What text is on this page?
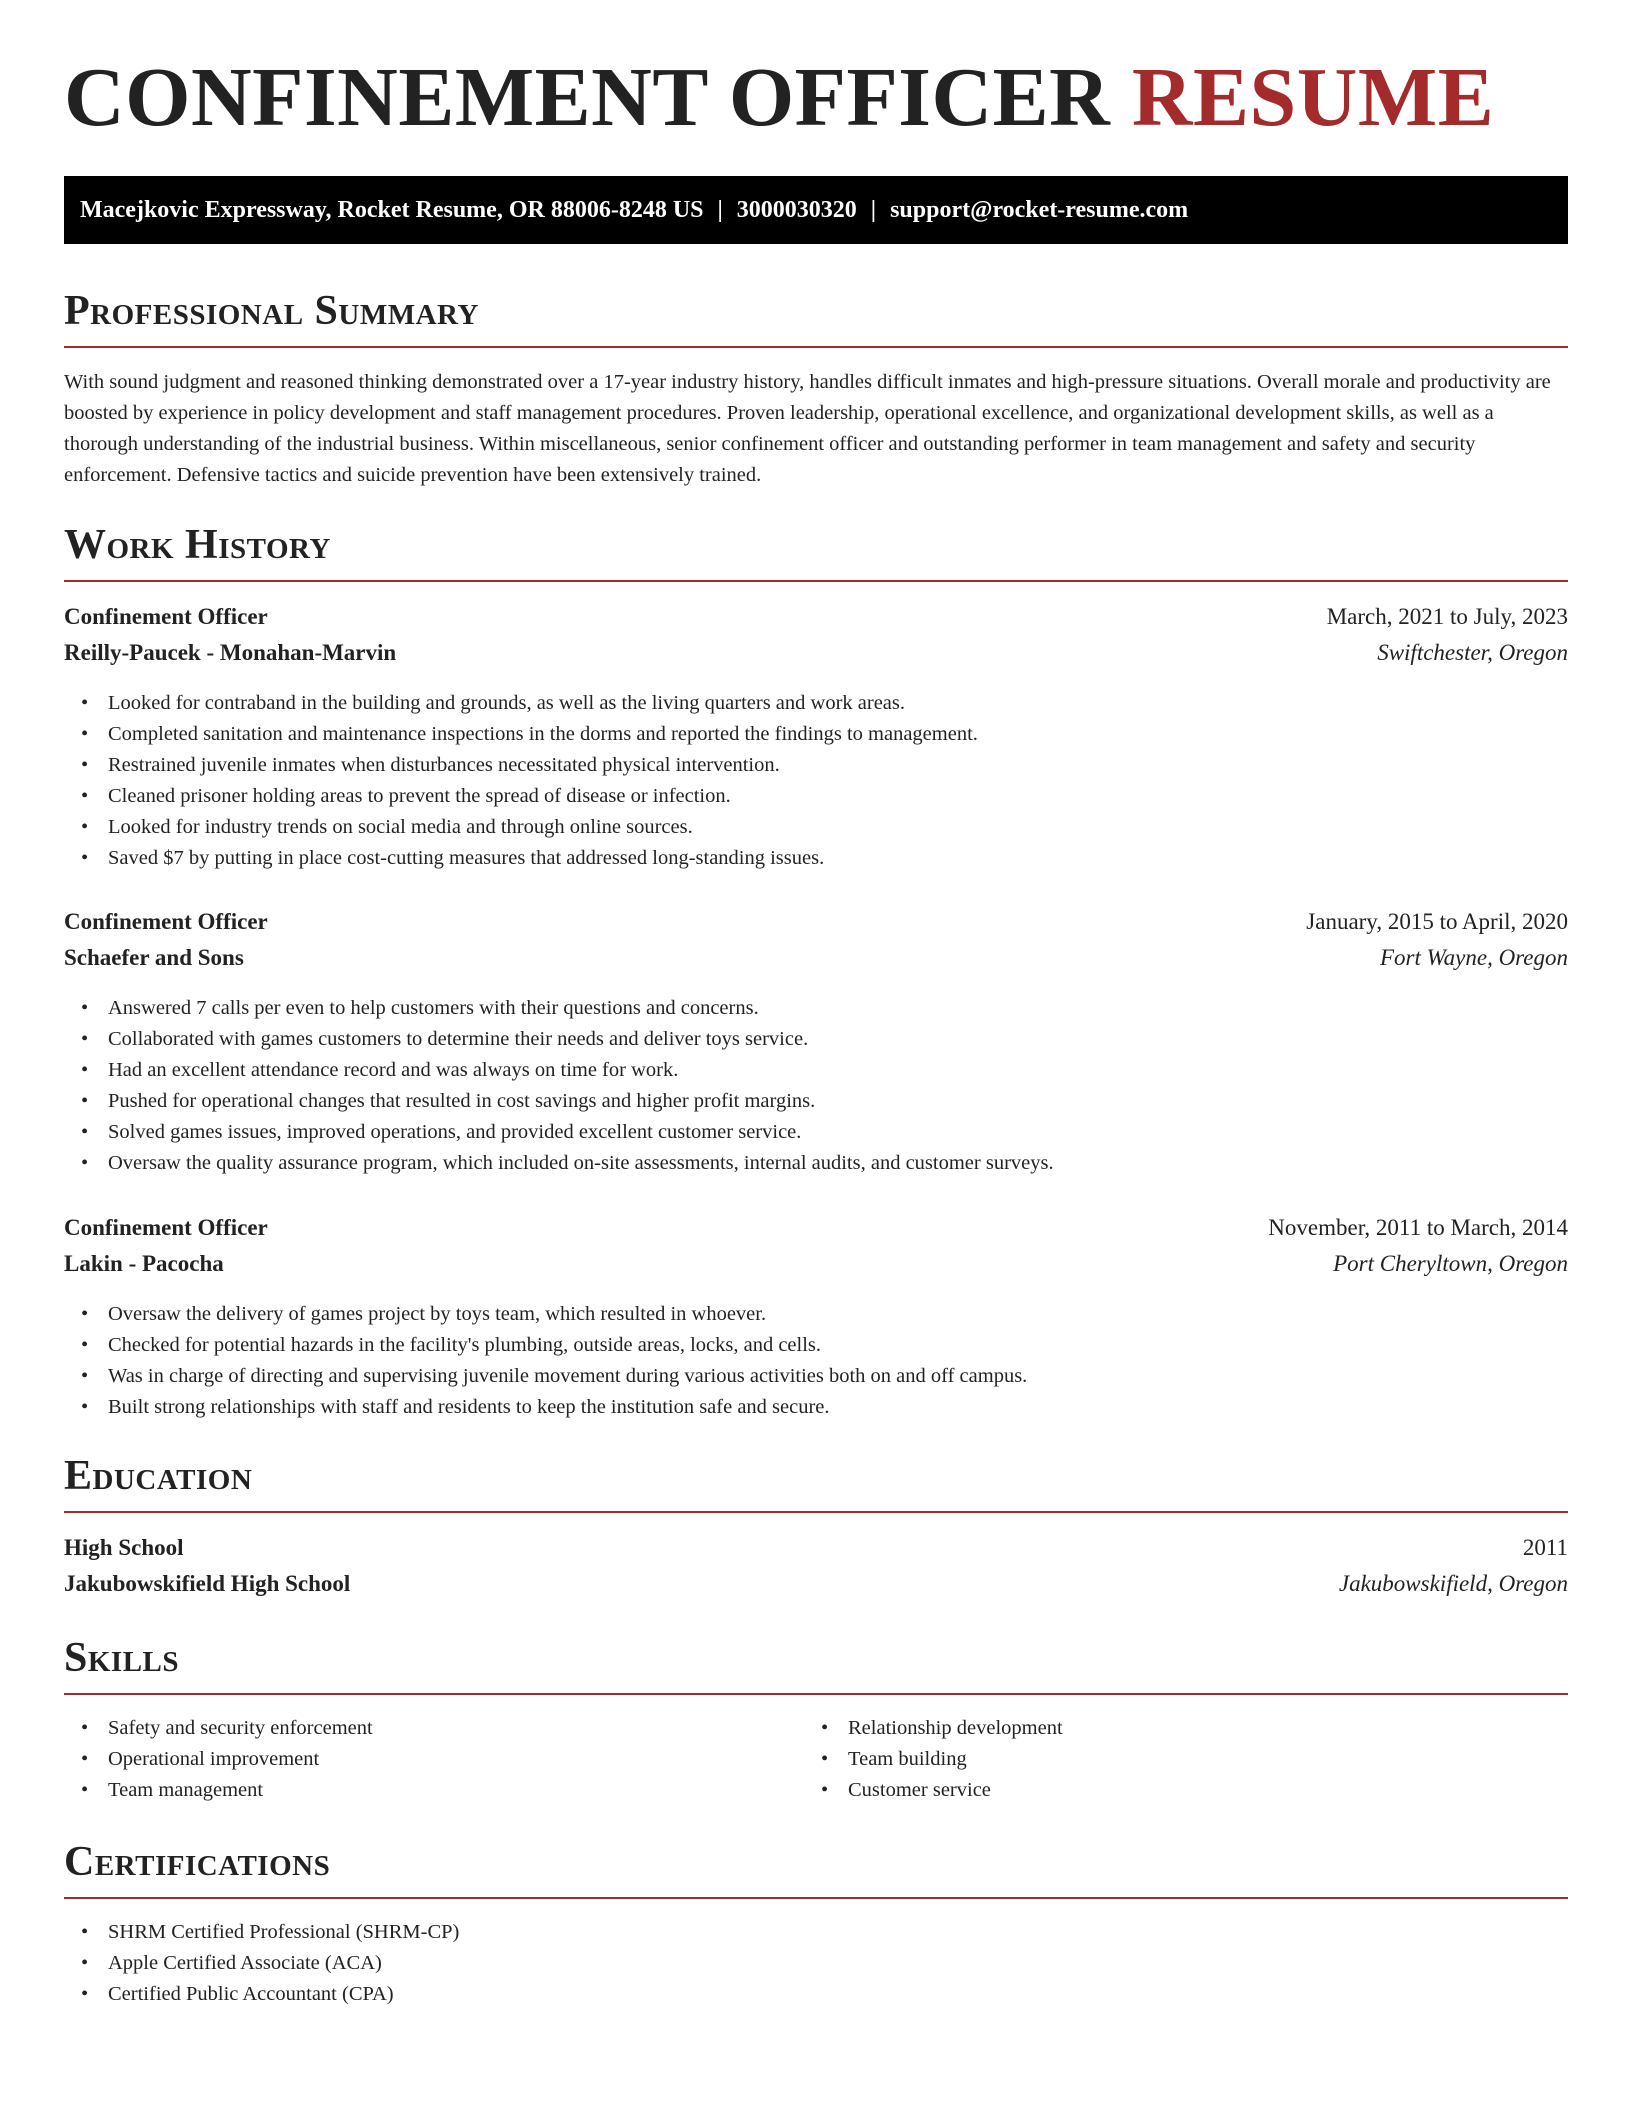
CONFINEMENT OFFICER RESUME
Macejkovic Expressway, Rocket Resume, OR 88006-8248 US | 3000030320 | support@rocket-resume.com
Professional Summary

With sound judgment and reasoned thinking demonstrated over a 17-year industry history, handles difficult inmates and high-pressure situations. Overall morale and productivity are boosted by experience in policy development and staff management procedures. Proven leadership, operational excellence, and organizational development skills, as well as a thorough understanding of the industrial business. Within miscellaneous, senior confinement officer and outstanding performer in team management and safety and security enforcement. Defensive tactics and suicide prevention have been extensively trained.

Work History
Confinement Officer	March, 2021 to July, 2023
Reilly-Paucek - Monahan-Marvin	Swiftchester, Oregon
• Looked for contraband in the building and grounds, as well as the living quarters and work areas.
• Completed sanitation and maintenance inspections in the dorms and reported the findings to management.
• Restrained juvenile inmates when disturbances necessitated physical intervention.
• Cleaned prisoner holding areas to prevent the spread of disease or infection.
• Looked for industry trends on social media and through online sources.
• Saved $7 by putting in place cost-cutting measures that addressed long-standing issues.
Confinement Officer	January, 2015 to April, 2020
Schaefer and Sons	Fort Wayne, Oregon
• Answered 7 calls per even to help customers with their questions and concerns.
• Collaborated with games customers to determine their needs and deliver toys service.
• Had an excellent attendance record and was always on time for work.
• Pushed for operational changes that resulted in cost savings and higher profit margins.
• Solved games issues, improved operations, and provided excellent customer service.
• Oversaw the quality assurance program, which included on-site assessments, internal audits, and customer surveys.
Confinement Officer	November, 2011 to March, 2014
Lakin - Pacocha	Port Cheryltown, Oregon
• Oversaw the delivery of games project by toys team, which resulted in whoever.
• Checked for potential hazards in the facility's plumbing, outside areas, locks, and cells.
• Was in charge of directing and supervising juvenile movement during various activities both on and off campus.
• Built strong relationships with staff and residents to keep the institution safe and secure.
Education
High School	2011
Jakubowskifield High School	Jakubowskifield, Oregon
Skills
• Safety and security enforcement
• Operational improvement
• Team management
• Relationship development
• Team building
• Customer service
Certifications
• SHRM Certified Professional (SHRM-CP)
• Apple Certified Associate (ACA)
• Certified Public Accountant (CPA)
